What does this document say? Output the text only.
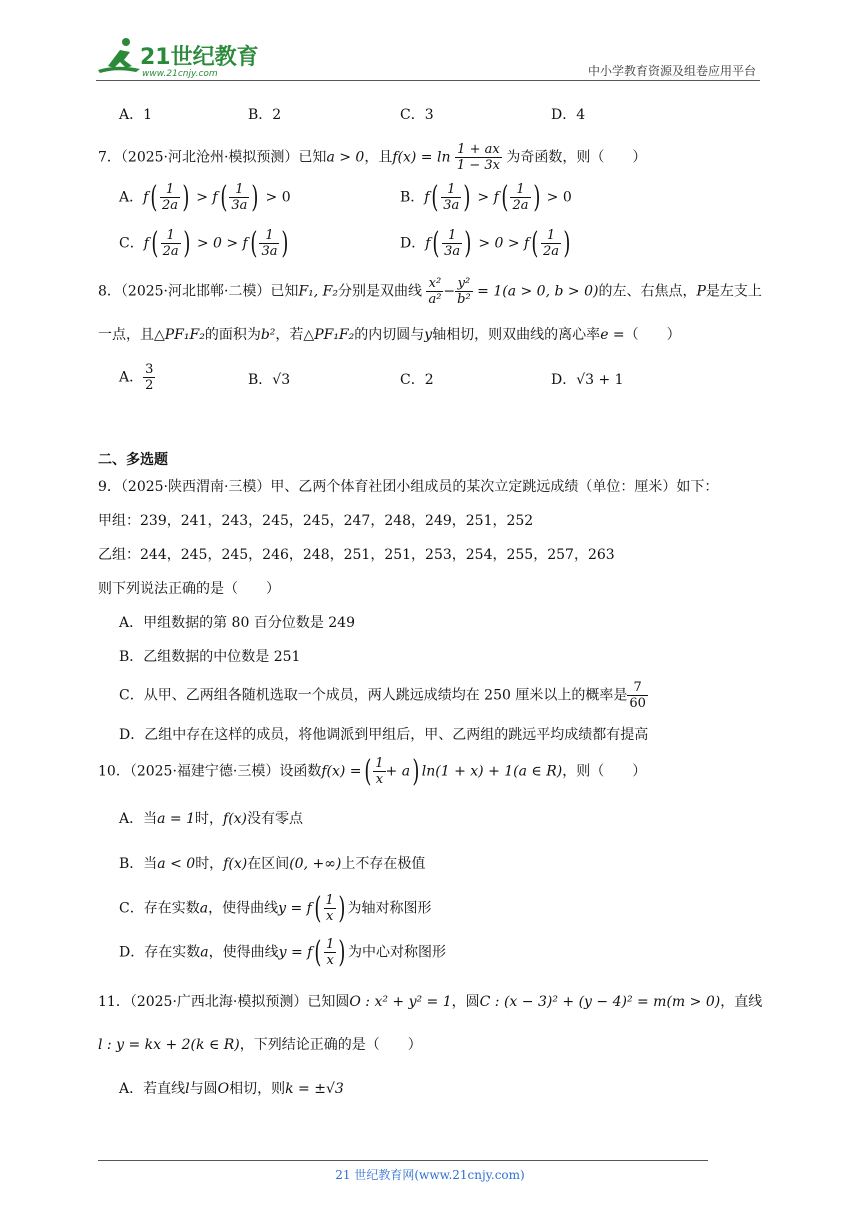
21世纪教育
www.21cnjy.com	中小学教育资源及组卷应用平台
A．1	B．2	C．3	D．4
7．（2025·河北沧州·模拟预测）已知a > 0，且$f(x) = \ln \frac{1 + ax}{1 - 3x}$ 为奇函数，则（　　）
A．$f( \frac{1}{2a}$ ) > $f( \frac{1}{3a}$ ) > 0	B．$f( \frac{1}{3a}$ ) > $f( \frac{1}{2a}$ ) > 0
C．$f( \frac{1}{2a}$ ) > $0 > f( \frac{1}{3a}$ )	D．$f( \frac{1}{3a}$ ) > $0 > f( \frac{1}{2a}$ )
8．（2025·河北邯郸·二模）已知F₁, F₂分别是双曲线 $\frac{\text{x²}}{\text{a²}} - \frac{\text{y²}}{\text{b²}} = 1(a > 0$, b > 0)的左、右焦点，P是左支上
一点，且△PF₁F₂的面积为b²，若△PF₁F₂的内切圆与y轴相切，则双曲线的离心率e =（　　）
A． $\frac{3}{2}$	B．√3	C．2	D．√3 + 1
二、多选题
9．（2025·陕西渭南·三模）甲、乙两个体育社团小组成员的某次立定跳远成绩（单位：厘米）如下：
甲组：239，241，243，245，245，247，248，249，251，252
乙组：244，245，245，246，248，251，251，253，254，255，257，263
则下列说法正确的是（　　）
A．甲组数据的第 80 百分位数是 249
B．乙组数据的中位数是 251
C．从甲、乙两组各随机选取一个成员，两人跳远成绩均在 250 厘米以上的概率是 $\frac{7}{60}$
D．乙组中存在这样的成员，将他调派到甲组后，甲、乙两组的跳远平均成绩都有提高
10．（2025·福建宁德·三模）设函数f(x) =( $\frac{1}{x} + a$) ln(1 + x) + 1(a ∈ R)，则（　　）
A．当a = 1时，f(x)没有零点
B．当a < 0时，f(x)在区间(0, +∞)上不存在极值
C．存在实数a，使得曲线$y = f( \frac{1}{x}$ ) 为轴对称图形
D．存在实数a，使得曲线$y = f( \frac{1}{x}$ ) 为中心对称图形
11．（2025·广西北海·模拟预测）已知圆O : x² + y² = 1，圆C : (x − 3)² + (y − 4)² = m(m > 0)，直线
l : y = kx + 2(k ∈ R)，下列结论正确的是（　　）
A．若直线l与圆O相切，则k = ±√3
21 世纪教育网(www.21cnjy.com)
